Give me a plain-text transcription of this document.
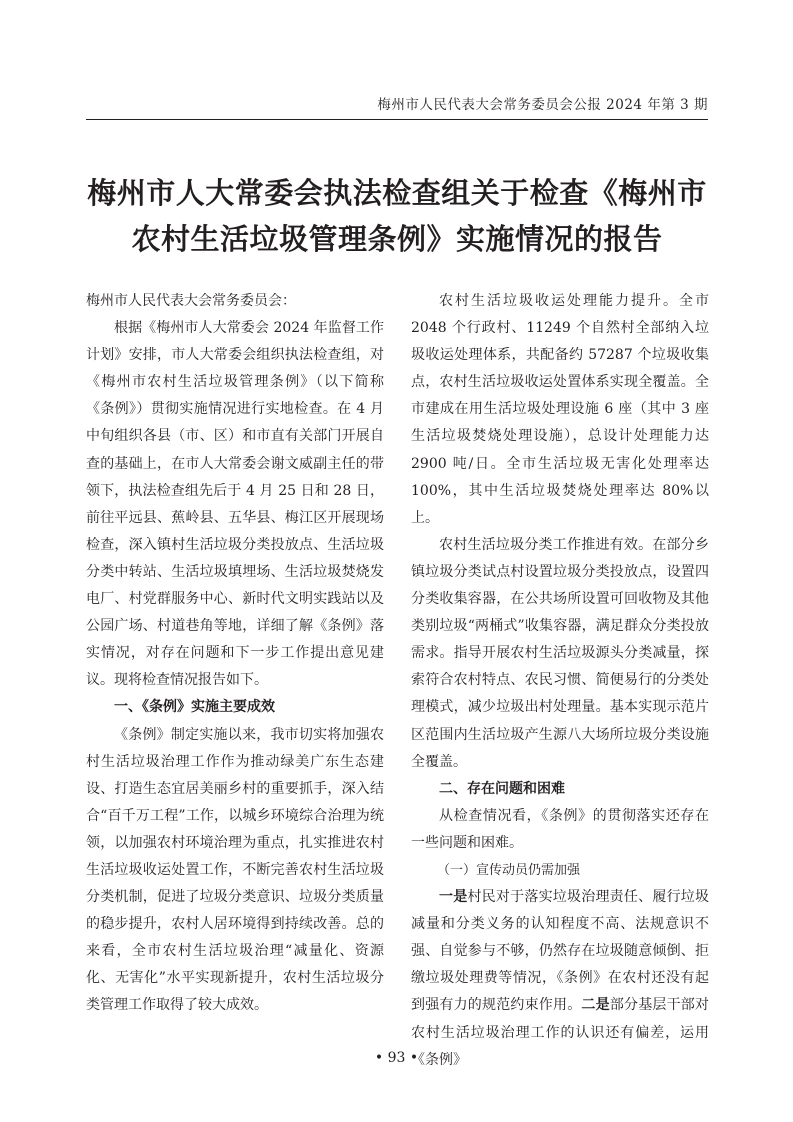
梅州市人民代表大会常务委员会公报 2024 年第 3 期
梅州市人大常委会执法检查组关于检查《梅州市
农村生活垃圾管理条例》实施情况的报告

梅州市人民代表大会常务委员会：

根据《梅州市人大常委会 2024 年监督工作计划》安排，市人大常委会组织执法检查组，对《梅州市农村生活垃圾管理条例》（以下简称《条例》）贯彻实施情况进行实地检查。在 4 月中旬组织各县（市、区）和市直有关部门开展自查的基础上，在市人大常委会谢文威副主任的带领下，执法检查组先后于 4 月 25 日和 28 日，前往平远县、蕉岭县、五华县、梅江区开展现场检查，深入镇村生活垃圾分类投放点、生活垃圾分类中转站、生活垃圾填埋场、生活垃圾焚烧发电厂、村党群服务中心、新时代文明实践站以及公园广场、村道巷角等地，详细了解《条例》落实情况，对存在问题和下一步工作提出意见建议。现将检查情况报告如下。

一、《条例》实施主要成效

《条例》制定实施以来，我市切实将加强农村生活垃圾治理工作作为推动绿美广东生态建设、打造生态宜居美丽乡村的重要抓手，深入结合“百千万工程”工作，以城乡环境综合治理为统领，以加强农村环境治理为重点，扎实推进农村生活垃圾收运处置工作，不断完善农村生活垃圾分类机制，促进了垃圾分类意识、垃圾分类质量的稳步提升，农村人居环境得到持续改善。总的来看，全市农村生活垃圾治理“减量化、资源化、无害化”水平实现新提升，农村生活垃圾分类管理工作取得了较大成效。

农村生活垃圾收运处理能力提升。全市 2048 个行政村、11249 个自然村全部纳入垃圾收运处理体系，共配备约 57287 个垃圾收集点，农村生活垃圾收运处置体系实现全覆盖。全市建成在用生活垃圾处理设施 6 座（其中 3 座生活垃圾焚烧处理设施），总设计处理能力达 2900 吨/日。全市生活垃圾无害化处理率达 100%，其中生活垃圾焚烧处理率达 80%以上。

农村生活垃圾分类工作推进有效。在部分乡镇垃圾分类试点村设置垃圾分类投放点，设置四分类收集容器，在公共场所设置可回收物及其他类别垃圾“两桶式”收集容器，满足群众分类投放需求。指导开展农村生活垃圾源头分类减量，探索符合农村特点、农民习惯、简便易行的分类处理模式，减少垃圾出村处理量。基本实现示范片区范围内生活垃圾产生源八大场所垃圾分类设施全覆盖。

二、存在问题和困难

从检查情况看，《条例》的贯彻落实还存在一些问题和困难。

（一）宣传动员仍需加强

一是村民对于落实垃圾治理责任、履行垃圾减量和分类义务的认知程度不高、法规意识不强、自觉参与不够，仍然存在垃圾随意倾倒、拒缴垃圾处理费等情况，《条例》在农村还没有起到强有力的规范约束作用。二是部分基层干部对农村生活垃圾治理工作的认识还有偏差，运用《条例》

• 93 •
